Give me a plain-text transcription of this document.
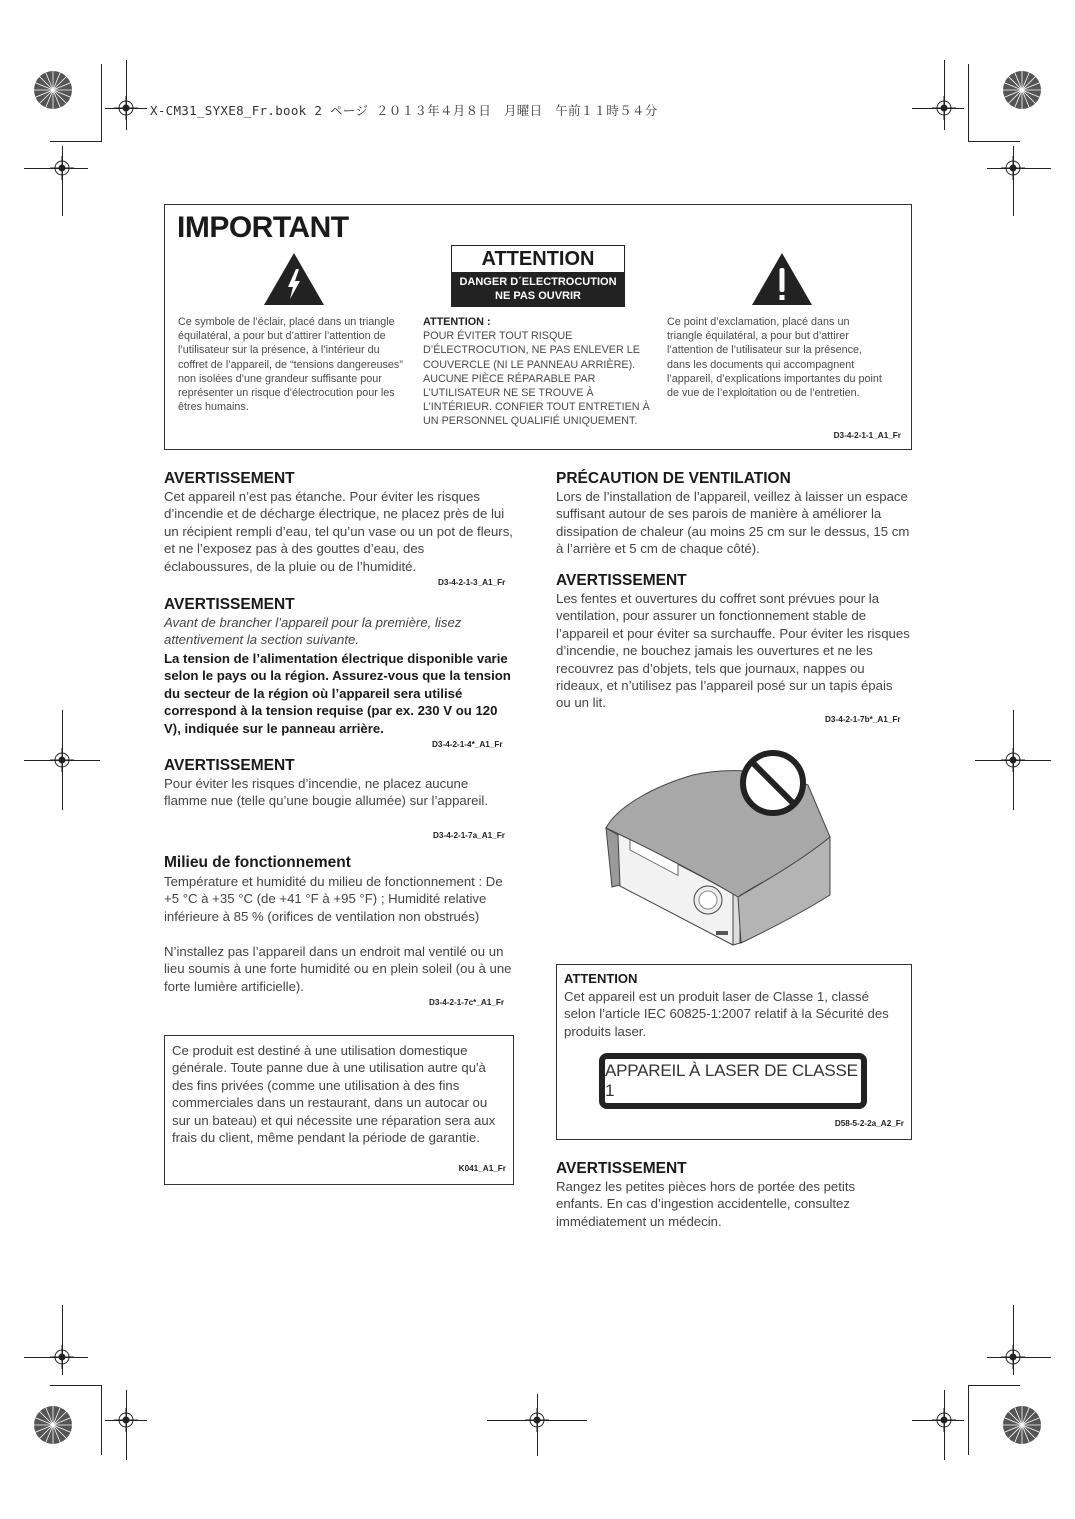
X-CM31_SYXE8_Fr.book 2 ページ ２０１３年４月８日　月曜日　午前１１時５４分
IMPORTANT
ATTENTION
DANGER D´ELECTROCUTION
NE PAS OUVRIR
Ce symbole de l’éclair, placé dans un triangle équilatéral, a pour but d’attirer l’attention de l’utilisateur sur la présence, à l’intérieur du coffret de l’appareil, de “tensions dangereuses” non isolées d’une grandeur suffisante pour représenter un risque d’électrocution pour les êtres humains.
ATTENTION :
POUR ÉVITER TOUT RISQUE D’ÉLECTROCUTION, NE PAS ENLEVER LE COUVERCLE (NI LE PANNEAU ARRIÈRE). AUCUNE PIÈCE RÉPARABLE PAR L’UTILISATEUR NE SE TROUVE À L’INTÉRIEUR. CONFIER TOUT ENTRETIEN À UN PERSONNEL QUALIFIÉ UNIQUEMENT.
Ce point d’exclamation, placé dans un triangle équilatéral, a pour but d’attirer l’attention de l’utilisateur sur la présence, dans les documents qui accompagnent l’appareil, d’explications importantes du point de vue de l’exploitation ou de l’entretien.
D3-4-2-1-1_A1_Fr
AVERTISSEMENT
Cet appareil n’est pas étanche. Pour éviter les risques d’incendie et de décharge électrique, ne placez près de lui un récipient rempli d’eau, tel qu’un vase ou un pot de fleurs, et ne l’exposez pas à des gouttes d’eau, des éclaboussures, de la pluie ou de l’humidité.
D3-4-2-1-3_A1_Fr
AVERTISSEMENT
Avant de brancher l’appareil pour la première, lisez attentivement la section suivante.
La tension de l’alimentation électrique disponible varie selon le pays ou la région. Assurez-vous que la tension du secteur de la région où l’appareil sera utilisé correspond à la tension requise (par ex. 230 V ou 120 V), indiquée sur le panneau arrière.
D3-4-2-1-4*_A1_Fr
AVERTISSEMENT
Pour éviter les risques d’incendie, ne placez aucune flamme nue (telle qu’une bougie allumée) sur l’appareil.
D3-4-2-1-7a_A1_Fr
Milieu de fonctionnement
Température et humidité du milieu de fonctionnement : De +5 °C à +35 °C (de +41 °F à +95 °F) ; Humidité relative inférieure à 85 % (orifices de ventilation non obstrués)
N’installez pas l’appareil dans un endroit mal ventilé ou un lieu soumis à une forte humidité ou en plein soleil (ou à une forte lumière artificielle).
D3-4-2-1-7c*_A1_Fr
Ce produit est destiné à une utilisation domestique générale. Toute panne due à une utilisation autre qu'à des fins privées (comme une utilisation à des fins commerciales dans un restaurant, dans un autocar ou sur un bateau) et qui nécessite une réparation sera aux frais du client, même pendant la période de garantie.
K041_A1_Fr
PRÉCAUTION DE VENTILATION
Lors de l’installation de l’appareil, veillez à laisser un espace suffisant autour de ses parois de manière à améliorer la dissipation de chaleur (au moins 25 cm sur le dessus, 15 cm à l’arrière et 5 cm de chaque côté).
AVERTISSEMENT
Les fentes et ouvertures du coffret sont prévues pour la ventilation, pour assurer un fonctionnement stable de l’appareil et pour éviter sa surchauffe. Pour éviter les risques d’incendie, ne bouchez jamais les ouvertures et ne les recouvrez pas d’objets, tels que journaux, nappes ou rideaux, et n’utilisez pas l’appareil posé sur un tapis épais ou un lit.
D3-4-2-1-7b*_A1_Fr
ATTENTION
Cet appareil est un produit laser de Classe 1, classé selon l’article IEC 60825-1:2007 relatif à la Sécurité des produits laser.
APPAREIL À LASER DE CLASSE 1
D58-5-2-2a_A2_Fr
AVERTISSEMENT
Rangez les petites pièces hors de portée des petits enfants. En cas d’ingestion accidentelle, consultez immédiatement un médecin.
